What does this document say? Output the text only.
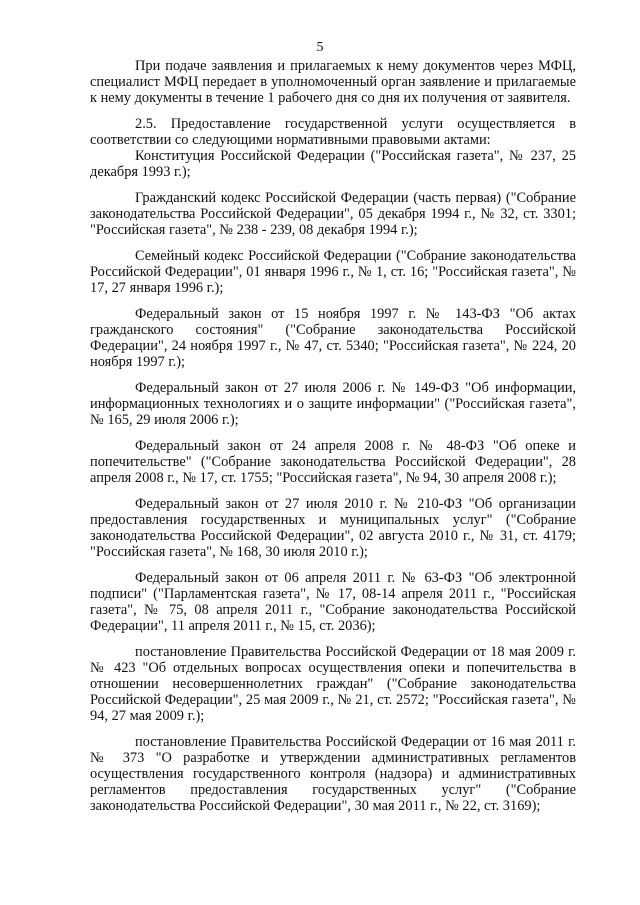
5

При подаче заявления и прилагаемых к нему документов через МФЦ, специалист МФЦ передает в уполномоченный орган заявление и прилагаемые к нему документы в течение 1 рабочего дня со дня их получения от заявителя.

2.5. Предоставление государственной услуги осуществляется в соответствии со следующими нормативными правовыми актами:

Конституция Российской Федерации ("Российская газета", № 237, 25 декабря 1993 г.);

Гражданский кодекс Российской Федерации (часть первая) ("Собрание законодательства Российской Федерации", 05 декабря 1994 г., № 32, ст. 3301; "Российская газета", № 238 - 239, 08 декабря 1994 г.);

Семейный кодекс Российской Федерации ("Собрание законодательства Российской Федерации", 01 января 1996 г., № 1, ст. 16; "Российская газета", № 17, 27 января 1996 г.);

Федеральный закон от 15 ноября 1997 г. № 143-ФЗ "Об актах гражданского состояния" ("Собрание законодательства Российской Федерации", 24 ноября 1997 г., № 47, ст. 5340; "Российская газета", № 224, 20 ноября 1997 г.);

Федеральный закон от 27 июля 2006 г. № 149-ФЗ "Об информации, информационных технологиях и о защите информации" ("Российская газета", № 165, 29 июля 2006 г.);

Федеральный закон от 24 апреля 2008 г. № 48-ФЗ "Об опеке и попечительстве" ("Собрание законодательства Российской Федерации", 28 апреля 2008 г., № 17, ст. 1755; "Российская газета", № 94, 30 апреля 2008 г.);

Федеральный закон от 27 июля 2010 г. № 210-ФЗ "Об организации предоставления государственных и муниципальных услуг" ("Собрание законодательства Российской Федерации", 02 августа 2010 г., № 31, ст. 4179; "Российская газета", № 168, 30 июля 2010 г.);

Федеральный закон от 06 апреля 2011 г. № 63-ФЗ "Об электронной подписи" ("Парламентская газета", № 17, 08-14 апреля 2011 г., "Российская газета", № 75, 08 апреля 2011 г., "Собрание законодательства Российской Федерации", 11 апреля 2011 г., № 15, ст. 2036);

постановление Правительства Российской Федерации от 18 мая 2009 г. № 423 "Об отдельных вопросах осуществления опеки и попечительства в отношении несовершеннолетних граждан" ("Собрание законодательства Российской Федерации", 25 мая 2009 г., № 21, ст. 2572; "Российская газета", № 94, 27 мая 2009 г.);

постановление Правительства Российской Федерации от 16 мая 2011 г. № 373 "О разработке и утверждении административных регламентов осуществления государственного контроля (надзора) и административных регламентов предоставления государственных услуг" ("Собрание законодательства Российской Федерации", 30 мая 2011 г., № 22, ст. 3169);
